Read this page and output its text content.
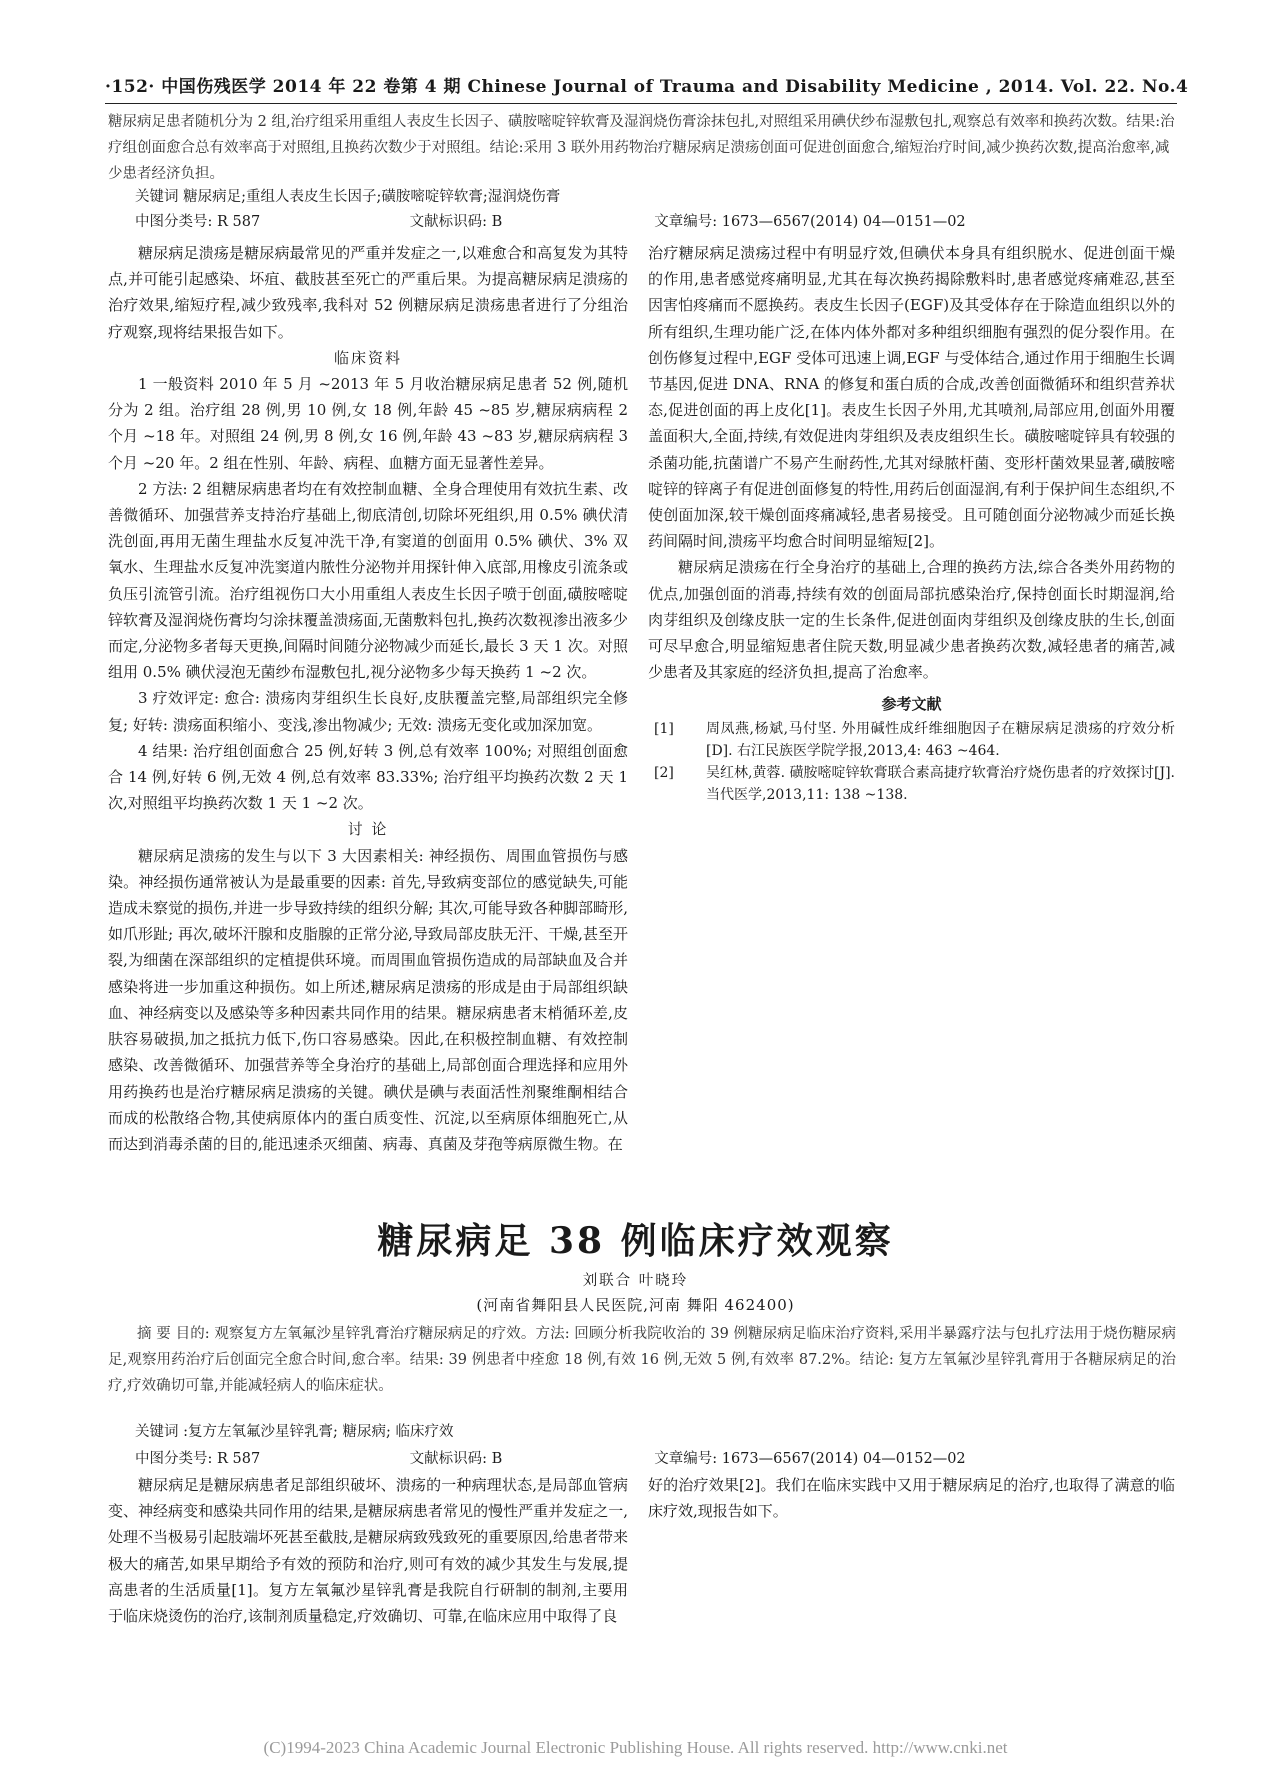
·152· 中国伤残医学 2014 年 22 卷第 4 期 Chinese Journal of Trauma and Disability Medicine , 2014. Vol. 22. No.4
糖尿病足患者随机分为 2 组,治疗组采用重组人表皮生长因子、磺胺嘧啶锌软膏及湿润烧伤膏涂抹包扎,对照组采用碘伏纱布湿敷包扎,观察总有效率和换药次数。结果:治疗组创面愈合总有效率高于对照组,且换药次数少于对照组。结论:采用 3 联外用药物治疗糖尿病足溃疡创面可促进创面愈合,缩短治疗时间,减少换药次数,提高治愈率,减少患者经济负担。
关键词 糖尿病足;重组人表皮生长因子;磺胺嘧啶锌软膏;湿润烧伤膏
中图分类号: R 587	文献标识码: B	文章编号: 1673—6567(2014) 04—0151—02

糖尿病足溃疡是糖尿病最常见的严重并发症之一,以难愈合和高复发为其特点,并可能引起感染、坏疽、截肢甚至死亡的严重后果。为提高糖尿病足溃疡的治疗效果,缩短疗程,减少致残率,我科对 52 例糖尿病足溃疡患者进行了分组治疗观察,现将结果报告如下。

临床资料

1 一般资料 2010 年 5 月 ~2013 年 5 月收治糖尿病足患者 52 例,随机分为 2 组。治疗组 28 例,男 10 例,女 18 例,年龄 45 ~85 岁,糖尿病病程 2 个月 ~18 年。对照组 24 例,男 8 例,女 16 例,年龄 43 ~83 岁,糖尿病病程 3 个月 ~20 年。2 组在性别、年龄、病程、血糖方面无显著性差异。

2 方法: 2 组糖尿病患者均在有效控制血糖、全身合理使用有效抗生素、改善微循环、加强营养支持治疗基础上,彻底清创,切除坏死组织,用 0.5% 碘伏清洗创面,再用无菌生理盐水反复冲洗干净,有窦道的创面用 0.5% 碘伏、3% 双氧水、生理盐水反复冲洗窦道内脓性分泌物并用探针伸入底部,用橡皮引流条或负压引流管引流。治疗组视伤口大小用重组人表皮生长因子喷于创面,磺胺嘧啶锌软膏及湿润烧伤膏均匀涂抹覆盖溃疡面,无菌敷料包扎,换药次数视渗出液多少而定,分泌物多者每天更换,间隔时间随分泌物减少而延长,最长 3 天 1 次。对照组用 0.5% 碘伏浸泡无菌纱布湿敷包扎,视分泌物多少每天换药 1 ~2 次。

3 疗效评定: 愈合: 溃疡肉芽组织生长良好,皮肤覆盖完整,局部组织完全修复; 好转: 溃疡面积缩小、变浅,渗出物减少; 无效: 溃疡无变化或加深加宽。

4 结果: 治疗组创面愈合 25 例,好转 3 例,总有效率 100%; 对照组创面愈合 14 例,好转 6 例,无效 4 例,总有效率 83.33%; 治疗组平均换药次数 2 天 1 次,对照组平均换药次数 1 天 1 ~2 次。

讨 论

糖尿病足溃疡的发生与以下 3 大因素相关: 神经损伤、周围血管损伤与感染。神经损伤通常被认为是最重要的因素: 首先,导致病变部位的感觉缺失,可能造成未察觉的损伤,并进一步导致持续的组织分解; 其次,可能导致各种脚部畸形,如爪形趾; 再次,破坏汗腺和皮脂腺的正常分泌,导致局部皮肤无汗、干燥,甚至开裂,为细菌在深部组织的定植提供环境。而周围血管损伤造成的局部缺血及合并感染将进一步加重这种损伤。如上所述,糖尿病足溃疡的形成是由于局部组织缺血、神经病变以及感染等多种因素共同作用的结果。糖尿病患者末梢循环差,皮肤容易破损,加之抵抗力低下,伤口容易感染。因此,在积极控制血糖、有效控制感染、改善微循环、加强营养等全身治疗的基础上,局部创面合理选择和应用外用药换药也是治疗糖尿病足溃疡的关键。碘伏是碘与表面活性剂聚维酮相结合而成的松散络合物,其使病原体内的蛋白质变性、沉淀,以至病原体细胞死亡,从而达到消毒杀菌的目的,能迅速杀灭细菌、病毒、真菌及芽孢等病原微生物。在

治疗糖尿病足溃疡过程中有明显疗效,但碘伏本身具有组织脱水、促进创面干燥的作用,患者感觉疼痛明显,尤其在每次换药揭除敷料时,患者感觉疼痛难忍,甚至因害怕疼痛而不愿换药。表皮生长因子(EGF)及其受体存在于除造血组织以外的所有组织,生理功能广泛,在体内体外都对多种组织细胞有强烈的促分裂作用。在创伤修复过程中,EGF 受体可迅速上调,EGF 与受体结合,通过作用于细胞生长调节基因,促进 DNA、RNA 的修复和蛋白质的合成,改善创面微循环和组织营养状态,促进创面的再上皮化[1]。表皮生长因子外用,尤其喷剂,局部应用,创面外用覆盖面积大,全面,持续,有效促进肉芽组织及表皮组织生长。磺胺嘧啶锌具有较强的杀菌功能,抗菌谱广不易产生耐药性,尤其对绿脓杆菌、变形杆菌效果显著,磺胺嘧啶锌的锌离子有促进创面修复的特性,用药后创面湿润,有利于保护间生态组织,不使创面加深,较干燥创面疼痛减轻,患者易接受。且可随创面分泌物减少而延长换药间隔时间,溃疡平均愈合时间明显缩短[2]。

糖尿病足溃疡在行全身治疗的基础上,合理的换药方法,综合各类外用药物的优点,加强创面的消毒,持续有效的创面局部抗感染治疗,保持创面长时期湿润,给肉芽组织及创缘皮肤一定的生长条件,促进创面肉芽组织及创缘皮肤的生长,创面可尽早愈合,明显缩短患者住院天数,明显减少患者换药次数,减轻患者的痛苦,减少患者及其家庭的经济负担,提高了治愈率。

参考文献

[1] 周凤燕,杨斌,马付坚. 外用碱性成纤维细胞因子在糖尿病足溃疡的疗效分析[D]. 右江民族医学院学报,2013,4: 463 ~464.

[2] 吴红林,黄蓉. 磺胺嘧啶锌软膏联合素高捷疗软膏治疗烧伤患者的疗效探讨[J]. 当代医学,2013,11: 138 ~138.

糖尿病足 38 例临床疗效观察
刘联合 叶晓玲
(河南省舞阳县人民医院,河南 舞阳 462400)
摘 要 目的: 观察复方左氧氟沙星锌乳膏治疗糖尿病足的疗效。方法: 回顾分析我院收治的 39 例糖尿病足临床治疗资料,采用半暴露疗法与包扎疗法用于烧伤糖尿病足,观察用药治疗后创面完全愈合时间,愈合率。结果: 39 例患者中痊愈 18 例,有效 16 例,无效 5 例,有效率 87.2%。结论: 复方左氧氟沙星锌乳膏用于各糖尿病足的治疗,疗效确切可靠,并能减轻病人的临床症状。
关键词 :复方左氧氟沙星锌乳膏; 糖尿病; 临床疗效
中图分类号: R 587	文献标识码: B	文章编号: 1673—6567(2014) 04—0152—02

糖尿病足是糖尿病患者足部组织破坏、溃疡的一种病理状态,是局部血管病变、神经病变和感染共同作用的结果,是糖尿病患者常见的慢性严重并发症之一,处理不当极易引起肢端坏死甚至截肢,是糖尿病致残致死的重要原因,给患者带来极大的痛苦,如果早期给予有效的预防和治疗,则可有效的减少其发生与发展,提高患者的生活质量[1]。复方左氧氟沙星锌乳膏是我院自行研制的制剂,主要用于临床烧烫伤的治疗,该制剂质量稳定,疗效确切、可靠,在临床应用中取得了良

好的治疗效果[2]。我们在临床实践中又用于糖尿病足的治疗,也取得了满意的临床疗效,现报告如下。

(C)1994-2023 China Academic Journal Electronic Publishing House. All rights reserved. http://www.cnki.net
